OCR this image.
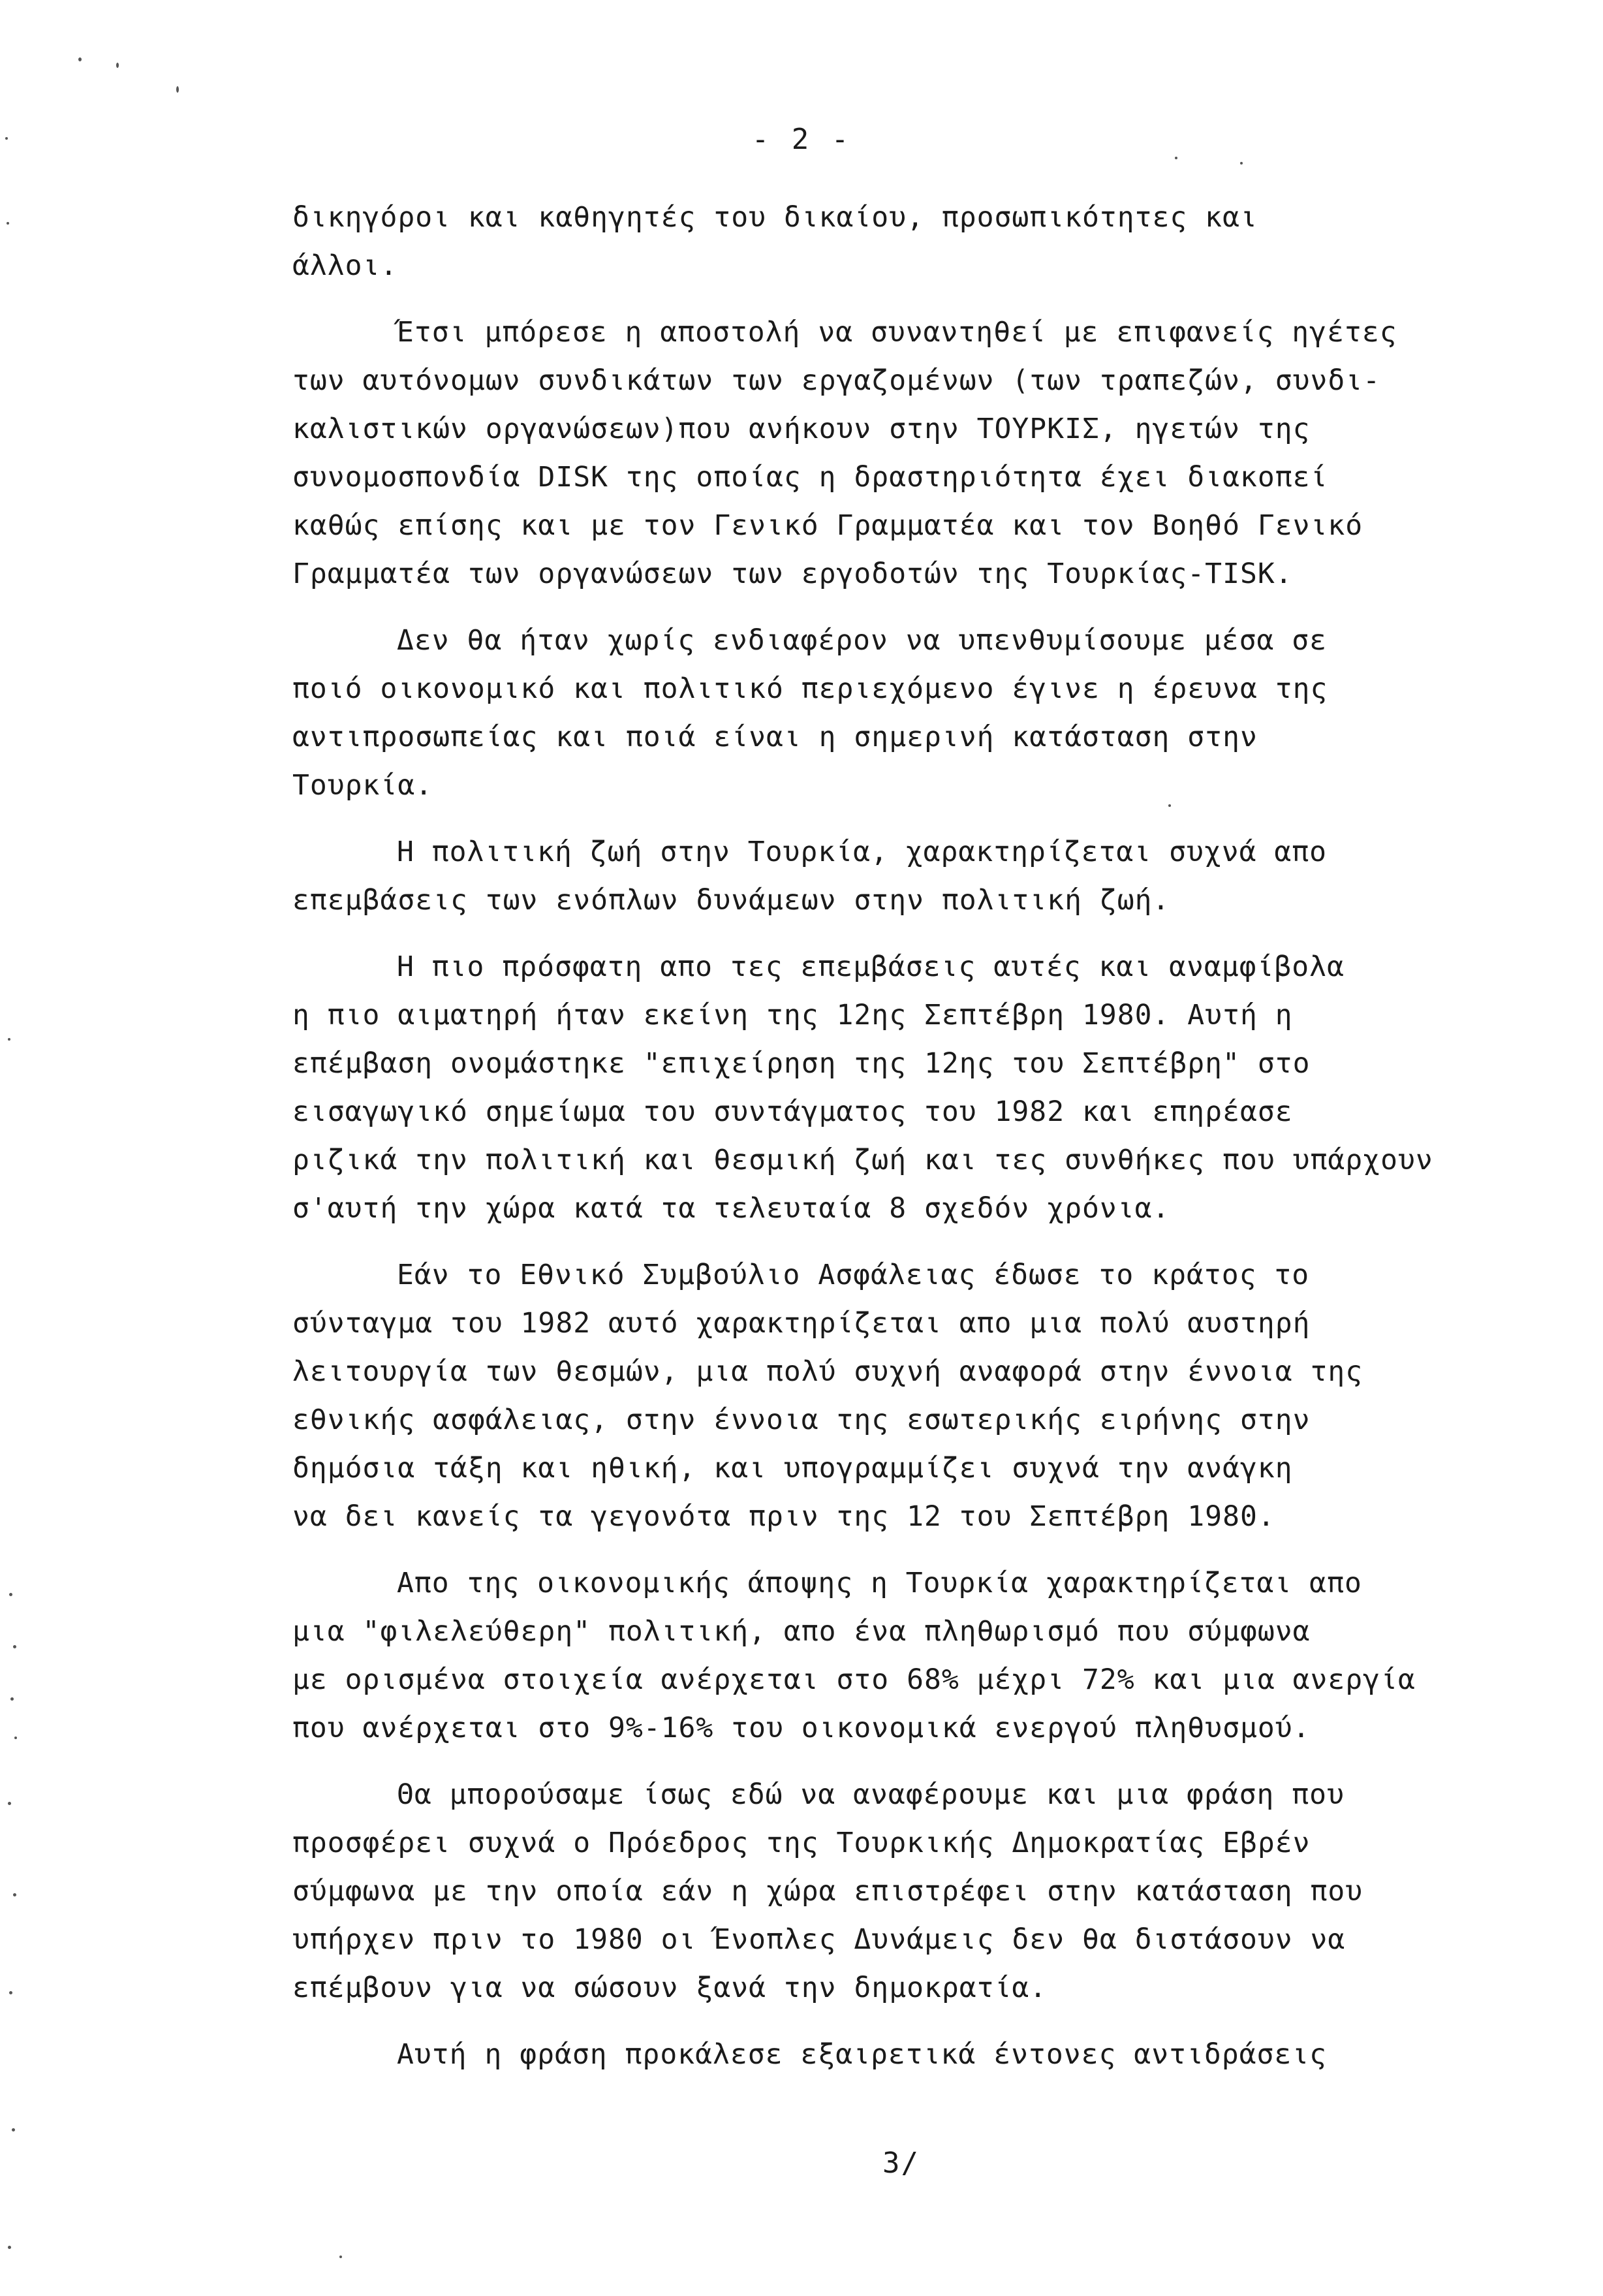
- 2 -

δικηγόροι και καθηγητές του δικαίου, προσωπικότητες και
άλλοι.

Έτσι μπόρεσε η αποστολή να συναντηθεί με επιφανείς ηγέτες
των αυτόνομων συνδικάτων των εργαζομένων (των τραπεζών, συνδι-
καλιστικών οργανώσεων)που ανήκουν στην ΤΟΥΡΚΙΣ, ηγετών της
συνομοσπονδία DISK της οποίας η δραστηριότητα έχει διακοπεί
καθώς επίσης και με τον Γενικό Γραμματέα και τον Βοηθό Γενικό
Γραμματέα των οργανώσεων των εργοδοτών της Τουρκίας-TISK.

Δεν θα ήταν χωρίς ενδιαφέρον να υπενθυμίσουμε μέσα σε
ποιό οικονομικό και πολιτικό περιεχόμενο έγινε η έρευνα της
αντιπροσωπείας και ποιά είναι η σημερινή κατάσταση στην
Τουρκία.

Η πολιτική ζωή στην Τουρκία, χαρακτηρίζεται συχνά απο
επεμβάσεις των ενόπλων δυνάμεων στην πολιτική ζωή.

Η πιο πρόσφατη απο τες επεμβάσεις αυτές και αναμφίβολα
η πιο αιματηρή ήταν εκείνη της 12ης Σεπτέβρη 1980. Αυτή η
επέμβαση ονομάστηκε "επιχείρηση της 12ης του Σεπτέβρη" στο
εισαγωγικό σημείωμα του συντάγματος του 1982 και επηρέασε
ριζικά την πολιτική και θεσμική ζωή και τες συνθήκες που υπάρχουν
σ'αυτή την χώρα κατά τα τελευταία 8 σχεδόν χρόνια.

Εάν το Εθνικό Συμβούλιο Ασφάλειας έδωσε το κράτος το
σύνταγμα του 1982 αυτό χαρακτηρίζεται απο μια πολύ αυστηρή
λειτουργία των θεσμών, μια πολύ συχνή αναφορά στην έννοια της
εθνικής ασφάλειας, στην έννοια της εσωτερικής ειρήνης στην
δημόσια τάξη και ηθική, και υπογραμμίζει συχνά την ανάγκη
να δει κανείς τα γεγονότα πριν της 12 του Σεπτέβρη 1980.

Απο της οικονομικής άποψης η Τουρκία χαρακτηρίζεται απο
μια "φιλελεύθερη" πολιτική, απο ένα πληθωρισμό που σύμφωνα
με ορισμένα στοιχεία ανέρχεται στο 68% μέχρι 72% και μια ανεργία
που ανέρχεται στο 9%-16% του οικονομικά ενεργού πληθυσμού.

Θα μπορούσαμε ίσως εδώ να αναφέρουμε και μια φράση που
προσφέρει συχνά ο Πρόεδρος της Τουρκικής Δημοκρατίας Εβρέν
σύμφωνα με την οποία εάν η χώρα επιστρέφει στην κατάσταση που
υπήρχεν πριν το 1980 οι Ένοπλες Δυνάμεις δεν θα διστάσουν να
επέμβουν για να σώσουν ξανά την δημοκρατία.

Αυτή η φράση προκάλεσε εξαιρετικά έντονες αντιδράσεις

3/
